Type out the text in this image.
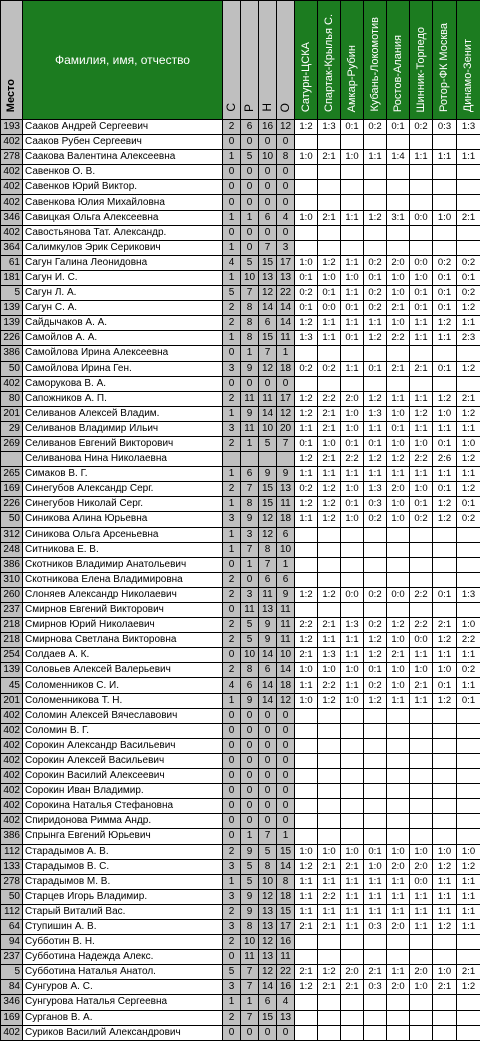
Место	Фамилия, имя, отчество	С	Р	Н	О	Сатурн-ЦСКА	Спартак-Крылья С.	Амкар-Рубин	Кубань-Локомотив	Ростов-Алания	Шинник-Торпедо	Ротор-ФК Москва	Динамо-Зенит
193	Сааков Андрей Сергеевич	2	6	16	12	1:2	1:3	0:1	0:2	0:1	0:2	0:3	1:3
402	Сааков Рубен Сергеевич	0	0	0	0								
278	Саакова Валентина Алексеевна	1	5	10	8	1:0	2:1	1:0	1:1	1:4	1:1	1:1	1:1
402	Савенков О. В.	0	0	0	0								
402	Савенков Юрий Виктор.	0	0	0	0								
402	Савенкова Юлия Михайловна	0	0	0	0								
346	Савицкая Ольга Алексеевна	1	1	6	4	1:0	2:1	1:1	1:2	3:1	0:0	1:0	2:1
402	Савостьянова Тат. Александр.	0	0	0	0								
364	Салимкулов Эрик Серикович	1	0	7	3								
61	Сагун Галина Леонидовна	4	5	15	17	1:0	1:2	1:1	0:2	2:0	0:0	0:2	0:2
181	Сагун И. С.	1	10	13	13	0:1	1:0	1:0	0:1	1:0	1:0	0:1	0:1
5	Сагун Л. А.	5	7	12	22	0:2	0:1	1:1	0:2	1:0	0:1	0:1	0:2
139	Сагун С. А.	2	8	14	14	0:1	0:0	0:1	0:2	2:1	0:1	0:1	1:2
139	Сайдычаков А. А.	2	8	6	14	1:2	1:1	1:1	1:1	1:0	1:1	1:2	1:1
226	Самойлов А. А.	1	8	15	11	1:3	1:1	0:1	1:2	2:2	1:1	1:1	2:3
386	Самойлова Ирина Алексеевна	0	1	7	1								
50	Самойлова Ирина Ген.	3	9	12	18	0:2	0:2	1:1	0:1	2:1	2:1	0:1	1:2
402	Саморукова В. А.	0	0	0	0								
80	Сапожников А. П.	2	11	11	17	1:2	2:2	2:0	1:2	1:1	1:1	1:2	2:1
201	Селиванов Алексей Владим.	1	9	14	12	1:2	2:1	1:0	1:3	1:0	1:2	1:0	1:2
29	Селиванов Владимир Ильич	3	11	10	20	1:1	2:1	1:0	1:1	0:1	1:1	1:1	1:1
269	Селиванов Евгений Викторович	2	1	5	7	0:1	1:0	0:1	0:1	1:0	1:0	0:1	1:0
	Селиванова Нина Николаевна					1:2	2:1	2:2	1:2	1:2	2:2	2:6	1:2
265	Симаков В. Г.	1	6	9	9	1:1	1:1	1:1	1:1	1:1	1:1	1:1	1:1
169	Синегубов Александр Серг.	2	7	15	13	0:2	1:2	1:0	1:3	2:0	1:0	0:1	1:2
226	Синегубов Николай Серг.	1	8	15	11	1:2	1:2	0:1	0:3	1:0	0:1	1:2	0:1
50	Синикова Алина Юрьевна	3	9	12	18	1:1	1:2	1:0	0:2	1:0	0:2	1:2	0:2
312	Синикова Ольга Арсеньевна	1	3	12	6								
248	Ситникова Е. В.	1	7	8	10								
386	Скотников Владимир Анатольевич	0	1	7	1								
310	Скотникова Елена Владимировна	2	0	6	6								
260	Слоняев Александр Николаевич	2	3	11	9	1:2	1:2	0:0	0:2	0:0	2:2	0:1	1:3
237	Смирнов Евгений Викторович	0	11	13	11								
218	Смирнов Юрий Николаевич	2	5	9	11	2:2	2:1	1:3	0:2	1:2	2:2	2:1	1:0
218	Смирнова Светлана Викторовна	2	5	9	11	1:2	1:1	1:1	1:2	1:0	0:0	1:2	2:2
254	Солдаев А. К.	0	10	14	10	2:1	1:3	1:1	1:2	2:1	1:1	1:1	1:1
139	Соловьев Алексей Валерьевич	2	8	6	14	1:0	1:0	1:0	0:1	1:0	1:0	1:0	0:2
45	Соломенников С. И.	4	6	14	18	1:1	2:2	1:1	0:2	1:0	2:1	0:1	1:1
201	Соломенникова Т. Н.	1	9	14	12	1:0	1:2	1:0	1:2	1:1	1:1	1:2	0:1
402	Соломин Алексей Вячеславович	0	0	0	0								
402	Соломин В. Г.	0	0	0	0								
402	Сорокин Александр Васильевич	0	0	0	0								
402	Сорокин Алексей Васильевич	0	0	0	0								
402	Сорокин Василий Алексеевич	0	0	0	0								
402	Сорокин Иван Владимир.	0	0	0	0								
402	Сорокина Наталья Стефановна	0	0	0	0								
402	Спиридонова Римма Андр.	0	0	0	0								
386	Спрынга Евгений Юрьевич	0	1	7	1								
112	Старадымов А. В.	2	9	5	15	1:0	1:0	1:0	0:1	1:0	1:0	1:0	1:0
133	Старадымов В. С.	3	5	8	14	1:2	2:1	2:1	1:0	2:0	2:0	1:2	1:2
278	Старадымов М. В.	1	5	10	8	1:1	1:1	1:1	1:1	1:1	0:0	1:1	1:1
50	Старцев Игорь Владимир.	3	9	12	18	1:1	2:2	1:1	1:1	1:1	1:1	1:1	1:1
112	Старый Виталий Вас.	2	9	13	15	1:1	1:1	1:1	1:1	1:1	1:1	1:1	1:1
64	Ступишин А. В.	3	8	13	17	2:1	2:1	1:1	0:3	2:0	1:1	1:2	1:1
94	Субботин В. Н.	2	10	12	16								
237	Субботина Надежда Алекс.	0	11	13	11								
5	Субботина Наталья Анатол.	5	7	12	22	2:1	1:2	2:0	2:1	1:1	2:0	1:0	2:1
84	Сунгуров А. С.	3	7	14	16	1:2	2:1	2:1	0:3	2:0	1:0	2:1	1:2
346	Сунгурова Наталья Сергеевна	1	1	6	4								
169	Сурганов В. А.	2	7	15	13								
402	Суриков Василий Александрович	0	0	0	0								
